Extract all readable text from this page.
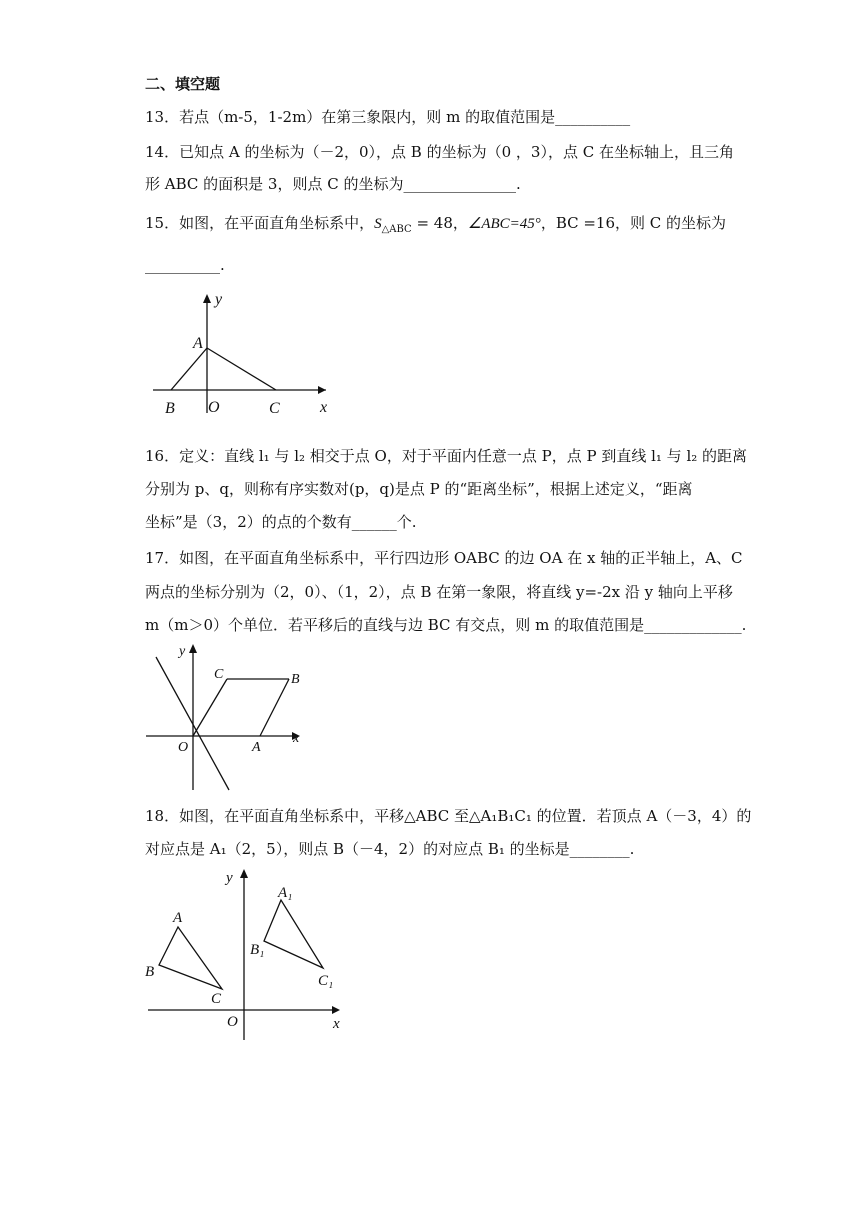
二、填空题
13．若点（m-5，1-2m）在第三象限内，则 m 的取值范围是__________
14．已知点 A 的坐标为（－2，0），点 B 的坐标为（0 ，3），点 C 在坐标轴上，且三角
形 ABC 的面积是 3，则点 C 的坐标为_______________.
15．如图，在平面直角坐标系中，$S_{\triangle ABC} = 48$，∠ABC=45°，BC =16，则 C 的坐标为
__________.
y
x
A
B O	C
16．定义：直线 l₁ 与 l₂ 相交于点 O，对于平面内任意一点 P，点 P 到直线 l₁ 与 l₂ 的距离
分别为 p、q，则称有序实数对(p，q)是点 P 的“距离坐标”，根据上述定义，“距离
坐标”是（3，2）的点的个数有______个.
17．如图，在平面直角坐标系中，平行四边形 OABC 的边 OA 在 x 轴的正半轴上，A、C
两点的坐标分别为（2，0）、（1，2），点 B 在第一象限，将直线 y=-2x 沿 y 轴向上平移
m（m＞0）个单位．若平移后的直线与边 BC 有交点，则 m 的取值范围是_____________.
y
x
C	B
O	A
18．如图，在平面直角坐标系中，平移△ABC 至△A₁B₁C₁ 的位置．若顶点 A（－3，4）的
对应点是 A₁（2，5），则点 B（－4，2）的对应点 B₁ 的坐标是________.
y
x
A
B
C
O
A₁
B₁
C₁
